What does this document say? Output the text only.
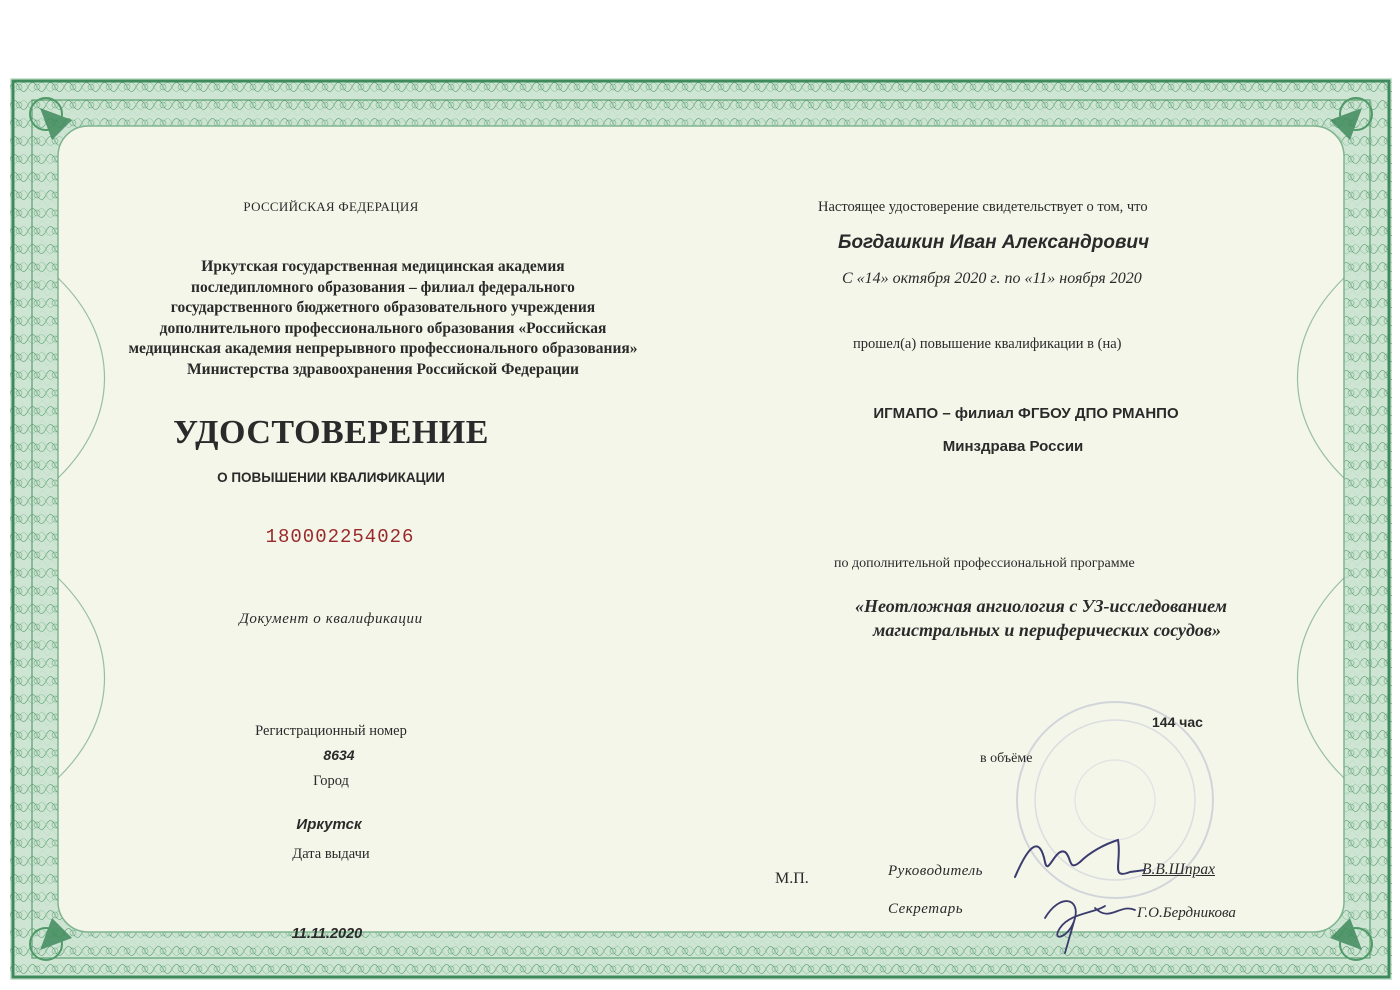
РОССИЙСКАЯ ФЕДЕРАЦИЯ
Иркутская государственная медицинская академия
последипломного образования – филиал федерального
государственного бюджетного образовательного учреждения
дополнительного профессионального образования «Российская
медицинская академия непрерывного профессионального образования»
Министерства здравоохранения Российской Федерации
УДОСТОВЕРЕНИЕ
О ПОВЫШЕНИИ КВАЛИФИКАЦИИ
180002254026
Документ о квалификации
Регистрационный номер
8634
Город
Иркутск
Дата выдачи
11.11.2020
Настоящее удостоверение свидетельствует о том, что
Богдашкин Иван Александрович
С «14» октября 2020 г. по «11» ноября 2020
прошел(а) повышение квалификации в (на)
ИГМАПО – филиал ФГБОУ ДПО РМАНПО
Минздрава России
по дополнительной профессиональной программе
«Неотложная ангиология с УЗ-исследованием
магистральных и периферических сосудов»
144 час
в объёме
М.П.	Руководитель	В.В.Шпрах
Секретарь	Г.О.Бердникова
